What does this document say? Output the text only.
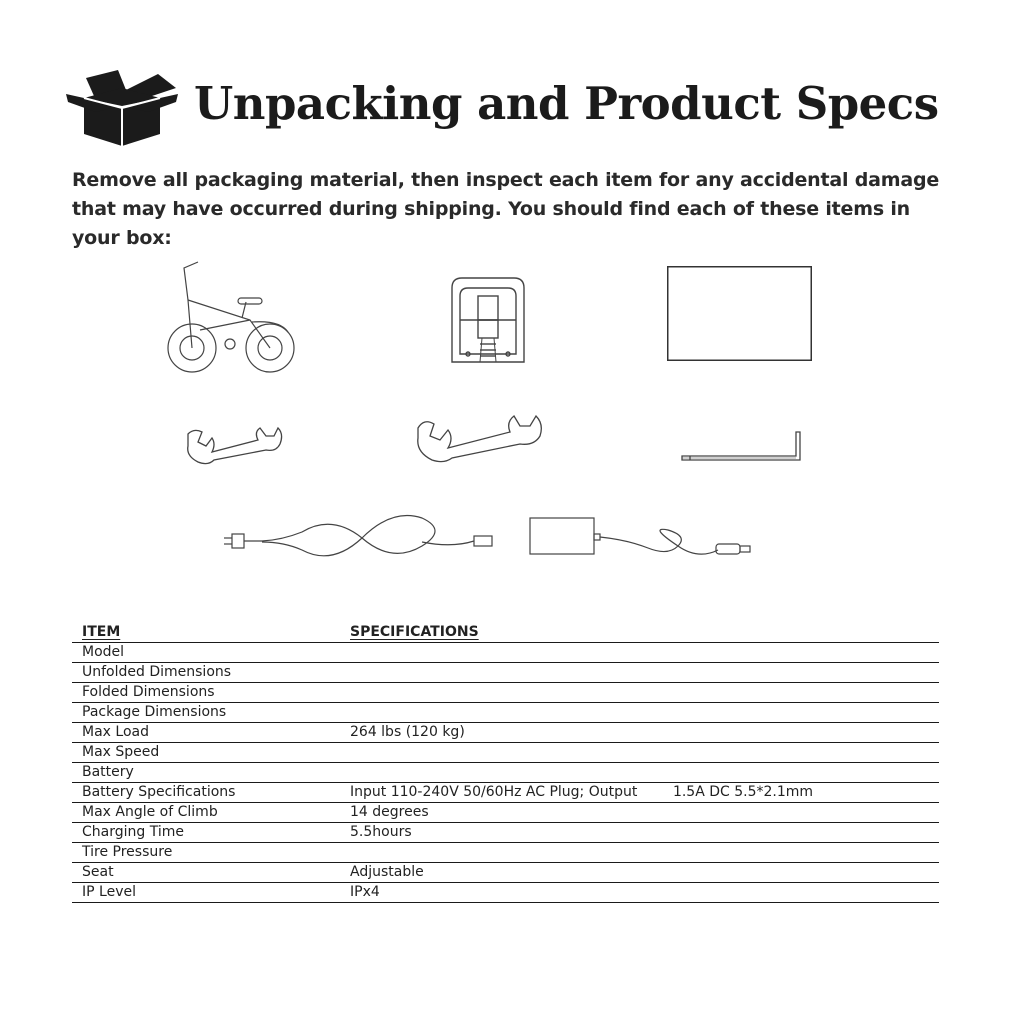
Unpacking and Product Specs
Remove all packaging material, then inspect each item for any accidental damage that may have occurred during shipping. You should find each of these items in your box:
ITEM	SPECIFICATIONS
Model	
Unfolded Dimensions	
Folded Dimensions	
Package Dimensions	
Max Load	264 lbs (120 kg)
Max Speed	
Battery	
Battery Specifications	Input 110-240V 50/60Hz AC Plug; Output        1.5A DC 5.5*2.1mm
Max Angle of Climb	14 degrees
Charging Time	5.5hours
Tire Pressure	
Seat	Adjustable
IP Level	IPx4
